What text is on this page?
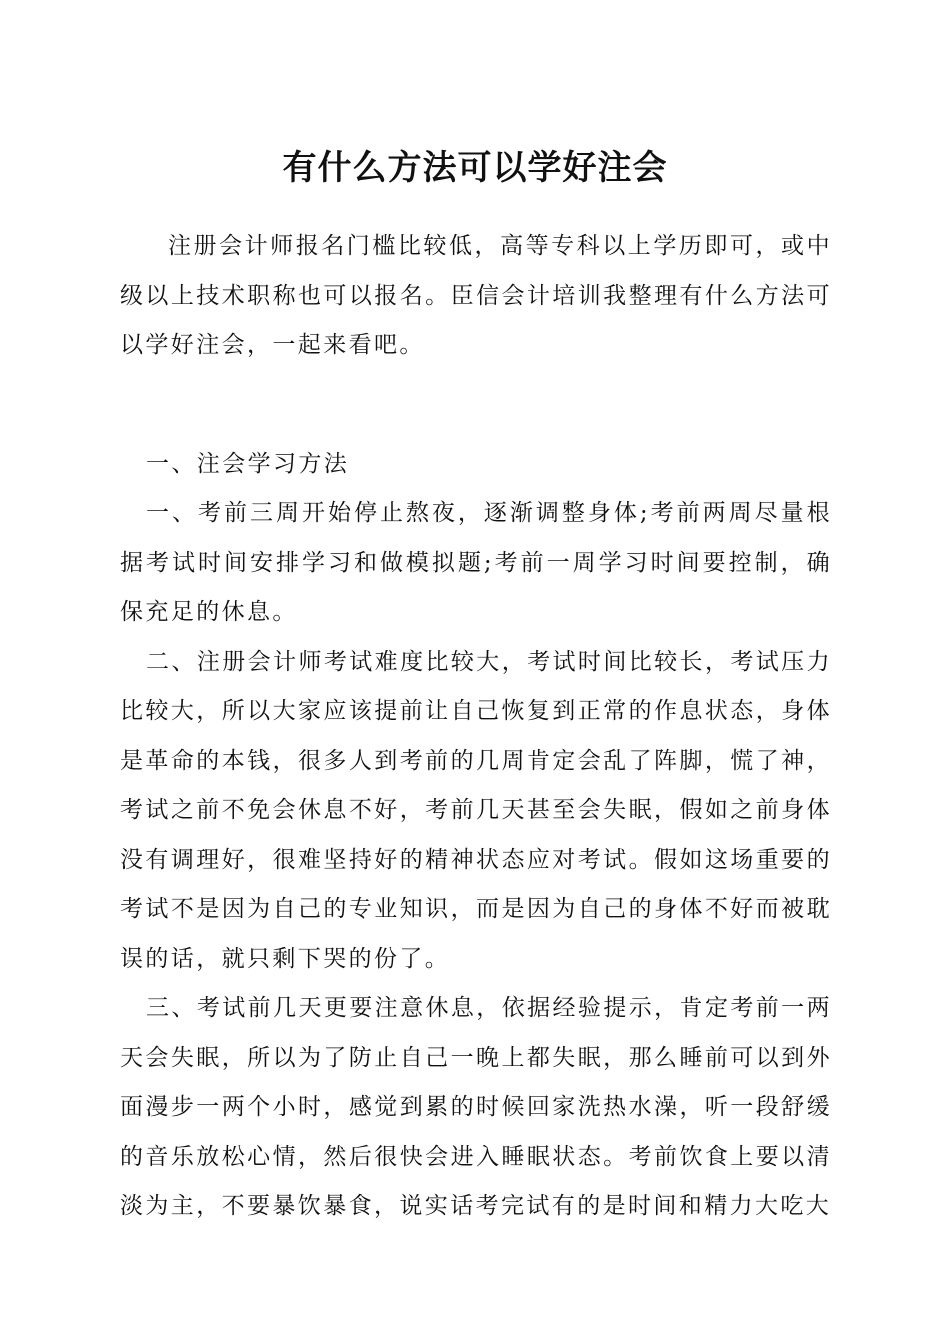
有什么方法可以学好注会

注册会计师报名门槛比较低，高等专科以上学历即可，或中级以上技术职称也可以报名。臣信会计培训我整理有什么方法可以学好注会，一起来看吧。

一、注会学习方法

一、考前三周开始停止熬夜，逐渐调整身体;考前两周尽量根据考试时间安排学习和做模拟题;考前一周学习时间要控制，确保充足的休息。

二、注册会计师考试难度比较大，考试时间比较长，考试压力比较大，所以大家应该提前让自己恢复到正常的作息状态，身体是革命的本钱，很多人到考前的几周肯定会乱了阵脚，慌了神，考试之前不免会休息不好，考前几天甚至会失眠，假如之前身体没有调理好，很难坚持好的精神状态应对考试。假如这场重要的考试不是因为自己的专业知识，而是因为自己的身体不好而被耽误的话，就只剩下哭的份了。

三、考试前几天更要注意休息，依据经验提示，肯定考前一两天会失眠，所以为了防止自己一晚上都失眠，那么睡前可以到外面漫步一两个小时，感觉到累的时候回家洗热水澡，听一段舒缓的音乐放松心情，然后很快会进入睡眠状态。考前饮食上要以清淡为主，不要暴饮暴食，说实话考完试有的是时间和精力大吃大
